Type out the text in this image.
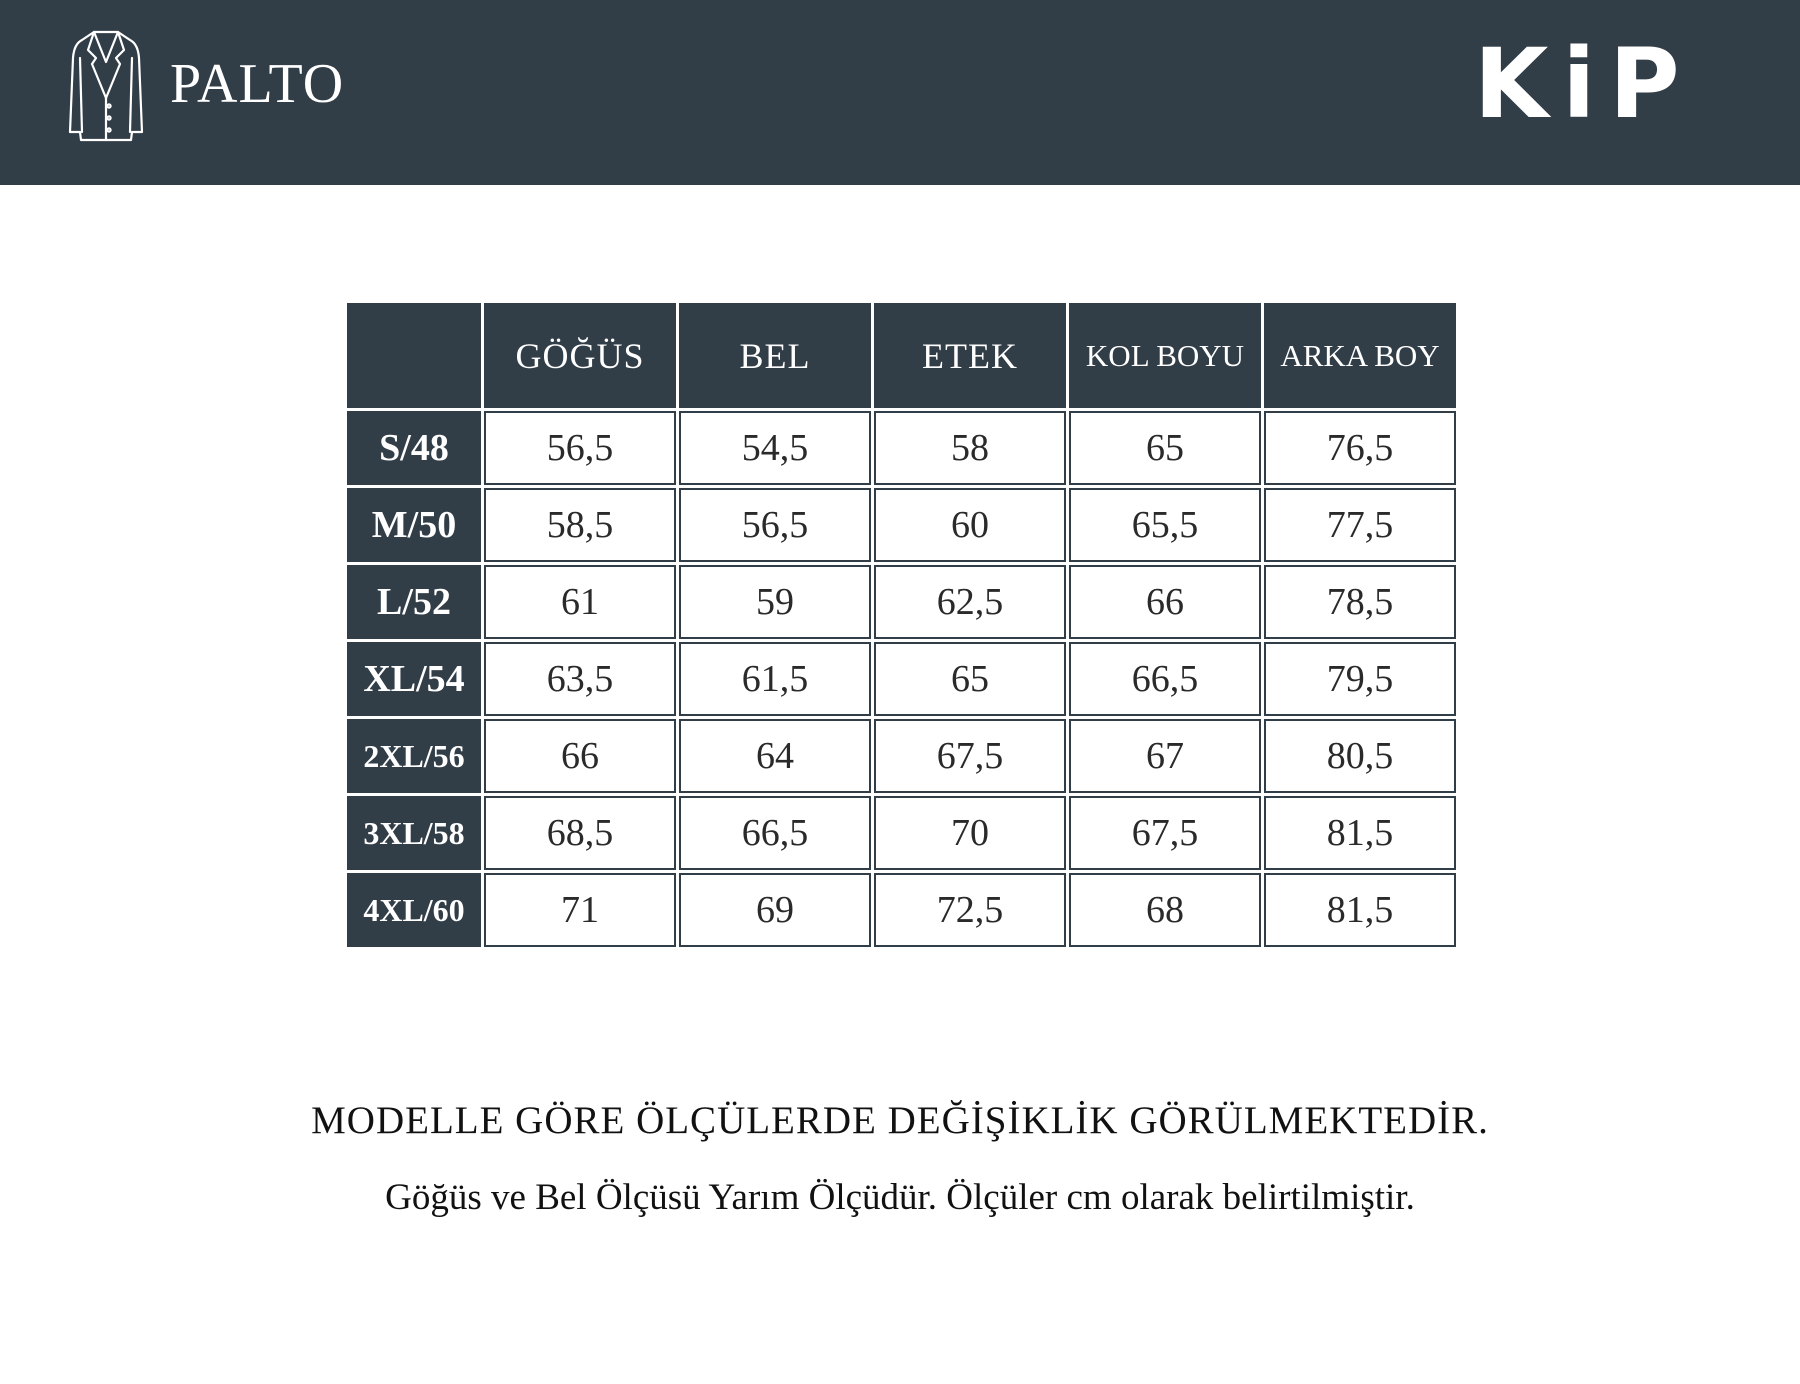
PALTO	KiP
	GÖĞÜS	BEL	ETEK	KOL BOYU	ARKA BOY
S/48	56,5	54,5	58	65	76,5
M/50	58,5	56,5	60	65,5	77,5
L/52	61	59	62,5	66	78,5
XL/54	63,5	61,5	65	66,5	79,5
2XL/56	66	64	67,5	67	80,5
3XL/58	68,5	66,5	70	67,5	81,5
4XL/60	71	69	72,5	68	81,5
MODELLE GÖRE ÖLÇÜLERDE DEĞİŞİKLİK GÖRÜLMEKTEDİR.
Göğüs ve Bel Ölçüsü Yarım Ölçüdür. Ölçüler cm olarak belirtilmiştir.
